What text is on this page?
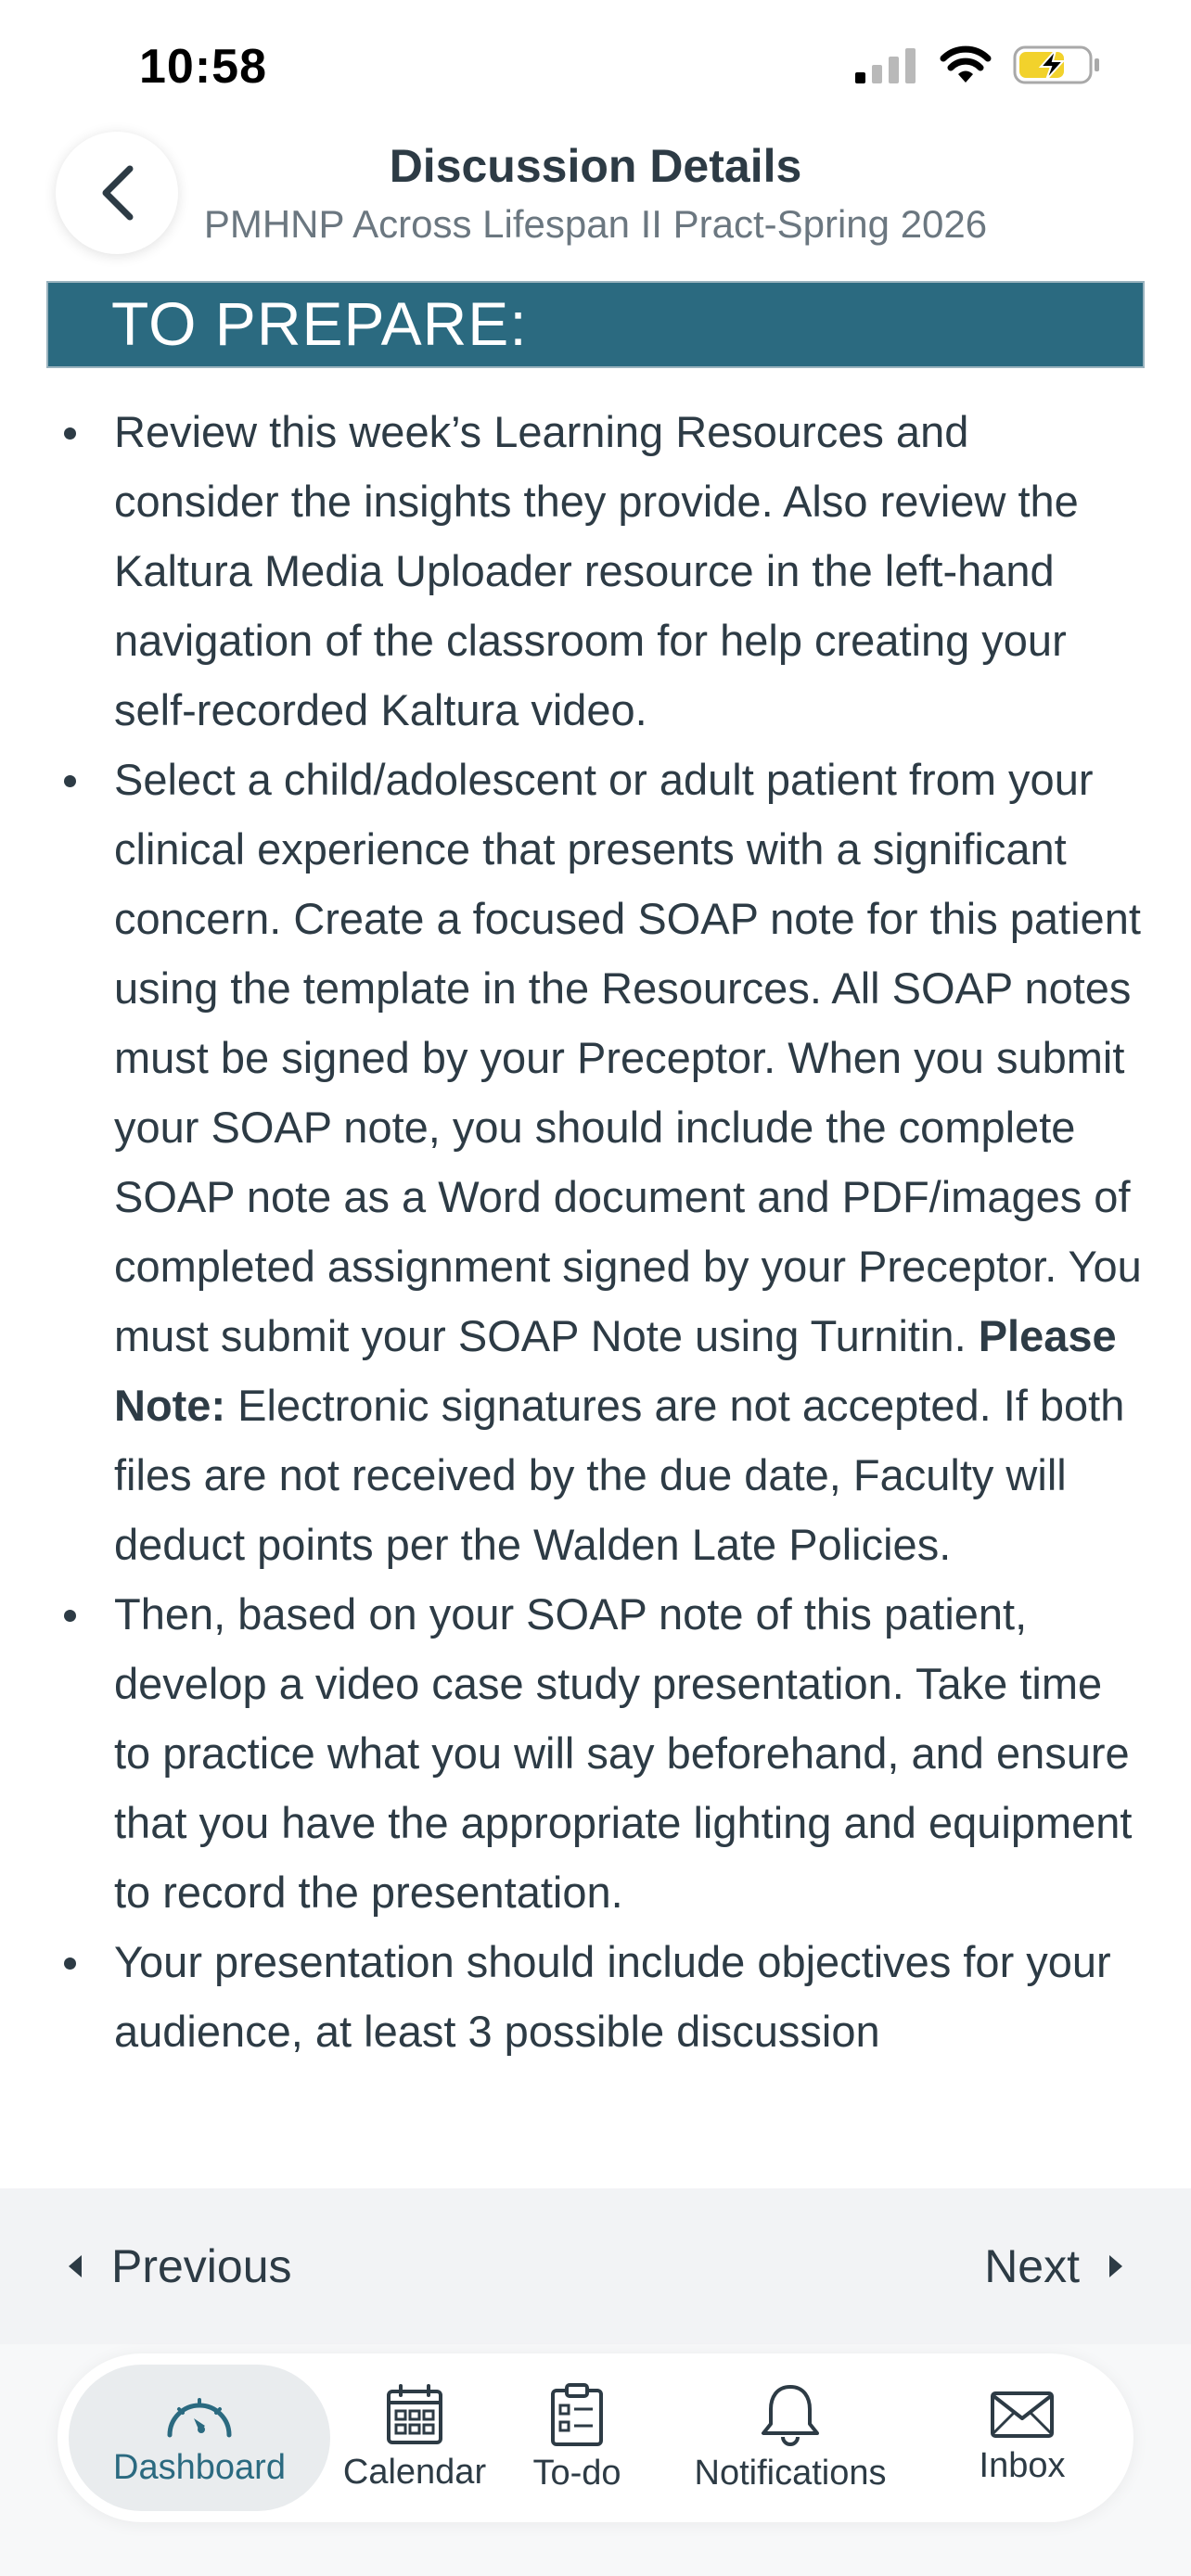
10:58
Discussion Details
PMHNP Across Lifespan II Pract-Spring 2026
TO PREPARE:
Review this week’s Learning Resources and consider the insights they provide. Also review the Kaltura Media Uploader resource in the left-hand navigation of the classroom for help creating your self-recorded Kaltura video.
Select a child/adolescent or adult patient from your clinical experience that presents with a significant concern. Create a focused SOAP note for this patient using the template in the Resources. All SOAP notes must be signed by your Preceptor. When you submit your SOAP note, you should include the complete SOAP note as a Word document and PDF/images of completed assignment signed by your Preceptor. You must submit your SOAP Note using Turnitin. Please Note: Electronic signatures are not accepted. If both files are not received by the due date, Faculty will deduct points per the Walden Late Policies.
Then, based on your SOAP note of this patient, develop a video case study presentation. Take time to practice what you will say beforehand, and ensure that you have the appropriate lighting and equipment to record the presentation.
Your presentation should include objectives for your audience, at least 3 possible discussion
Previous	Next
Dashboard Calendar To-do Notifications	Inbox
